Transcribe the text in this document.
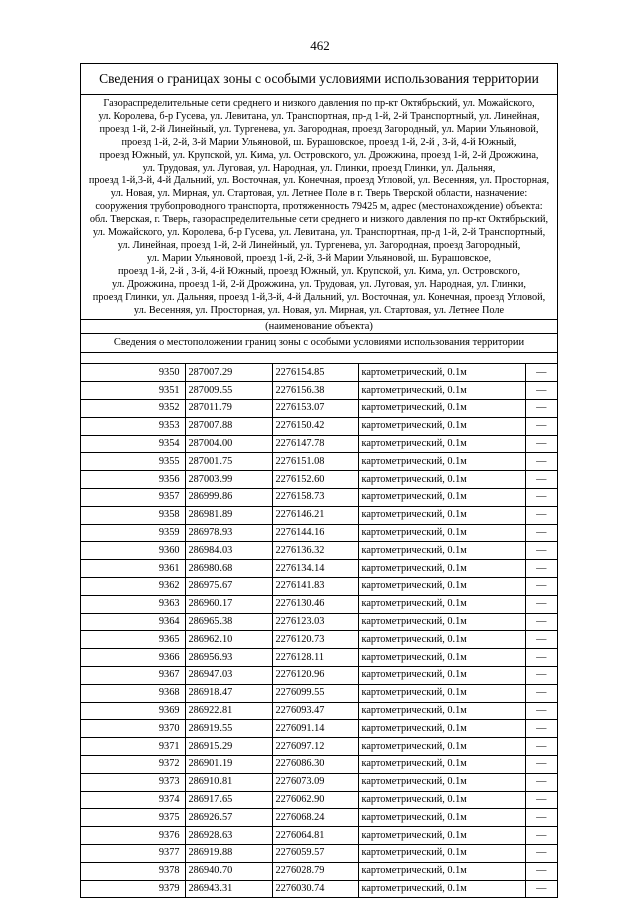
462
Сведения о границах зоны с особыми условиями использования территории
Газораспределительные сети среднего и низкого давления по пр-кт Октябрьский, ул. Можайского,
ул. Королева, б-р Гусева, ул. Левитана, ул. Транспортная, пр-д 1-й, 2-й Транспортный, ул. Линейная,
проезд 1-й, 2-й Линейный, ул. Тургенева, ул. Загородная, проезд Загородный, ул. Марии Ульяновой,
проезд 1-й, 2-й, 3-й Марии Ульяновой, ш. Бурашовское, проезд 1-й, 2-й , 3-й, 4-й Южный,
проезд Южный, ул. Крупской, ул. Кима, ул. Островского, ул. Дрожжина, проезд 1-й, 2-й Дрожжина,
ул. Трудовая, ул. Луговая, ул. Народная, ул. Глинки, проезд Глинки, ул. Дальняя,
проезд 1-й,3-й, 4-й Дальний, ул. Восточная, ул. Конечная, проезд Угловой, ул. Весенняя, ул. Просторная,
ул. Новая, ул. Мирная, ул. Стартовая, ул. Летнее Поле в г. Тверь Тверской области, назначение:
сооружения трубопроводного транспорта, протяженность 79425 м, адрес (местонахождение) объекта:
обл. Тверская, г. Тверь, газораспределительные сети среднего и низкого давления по пр-кт Октябрьский,
ул. Можайского, ул. Королева, б-р Гусева, ул. Левитана, ул. Транспортная, пр-д 1-й, 2-й Транспортный,
ул. Линейная, проезд 1-й, 2-й Линейный, ул. Тургенева, ул. Загородная, проезд Загородный,
ул. Марии Ульяновой, проезд 1-й, 2-й, 3-й Марии Ульяновой, ш. Бурашовское,
проезд 1-й, 2-й , 3-й, 4-й Южный, проезд Южный, ул. Крупской, ул. Кима, ул. Островского,
ул. Дрожжина, проезд 1-й, 2-й Дрожжина, ул. Трудовая, ул. Луговая, ул. Народная, ул. Глинки,
проезд Глинки, ул. Дальняя, проезд 1-й,3-й, 4-й Дальний, ул. Восточная, ул. Конечная, проезд Угловой,
ул. Весенняя, ул. Просторная, ул. Новая, ул. Мирная, ул. Стартовая, ул. Летнее Поле
(наименование объекта)
Сведения о местоположении границ зоны с особыми условиями использования территории
9350	287007.29	2276154.85	картометрический, 0.1м	—
9351	287009.55	2276156.38	картометрический, 0.1м	—
9352	287011.79	2276153.07	картометрический, 0.1м	—
9353	287007.88	2276150.42	картометрический, 0.1м	—
9354	287004.00	2276147.78	картометрический, 0.1м	—
9355	287001.75	2276151.08	картометрический, 0.1м	—
9356	287003.99	2276152.60	картометрический, 0.1м	—
9357	286999.86	2276158.73	картометрический, 0.1м	—
9358	286981.89	2276146.21	картометрический, 0.1м	—
9359	286978.93	2276144.16	картометрический, 0.1м	—
9360	286984.03	2276136.32	картометрический, 0.1м	—
9361	286980.68	2276134.14	картометрический, 0.1м	—
9362	286975.67	2276141.83	картометрический, 0.1м	—
9363	286960.17	2276130.46	картометрический, 0.1м	—
9364	286965.38	2276123.03	картометрический, 0.1м	—
9365	286962.10	2276120.73	картометрический, 0.1м	—
9366	286956.93	2276128.11	картометрический, 0.1м	—
9367	286947.03	2276120.96	картометрический, 0.1м	—
9368	286918.47	2276099.55	картометрический, 0.1м	—
9369	286922.81	2276093.47	картометрический, 0.1м	—
9370	286919.55	2276091.14	картометрический, 0.1м	—
9371	286915.29	2276097.12	картометрический, 0.1м	—
9372	286901.19	2276086.30	картометрический, 0.1м	—
9373	286910.81	2276073.09	картометрический, 0.1м	—
9374	286917.65	2276062.90	картометрический, 0.1м	—
9375	286926.57	2276068.24	картометрический, 0.1м	—
9376	286928.63	2276064.81	картометрический, 0.1м	—
9377	286919.88	2276059.57	картометрический, 0.1м	—
9378	286940.70	2276028.79	картометрический, 0.1м	—
9379	286943.31	2276030.74	картометрический, 0.1м	—
